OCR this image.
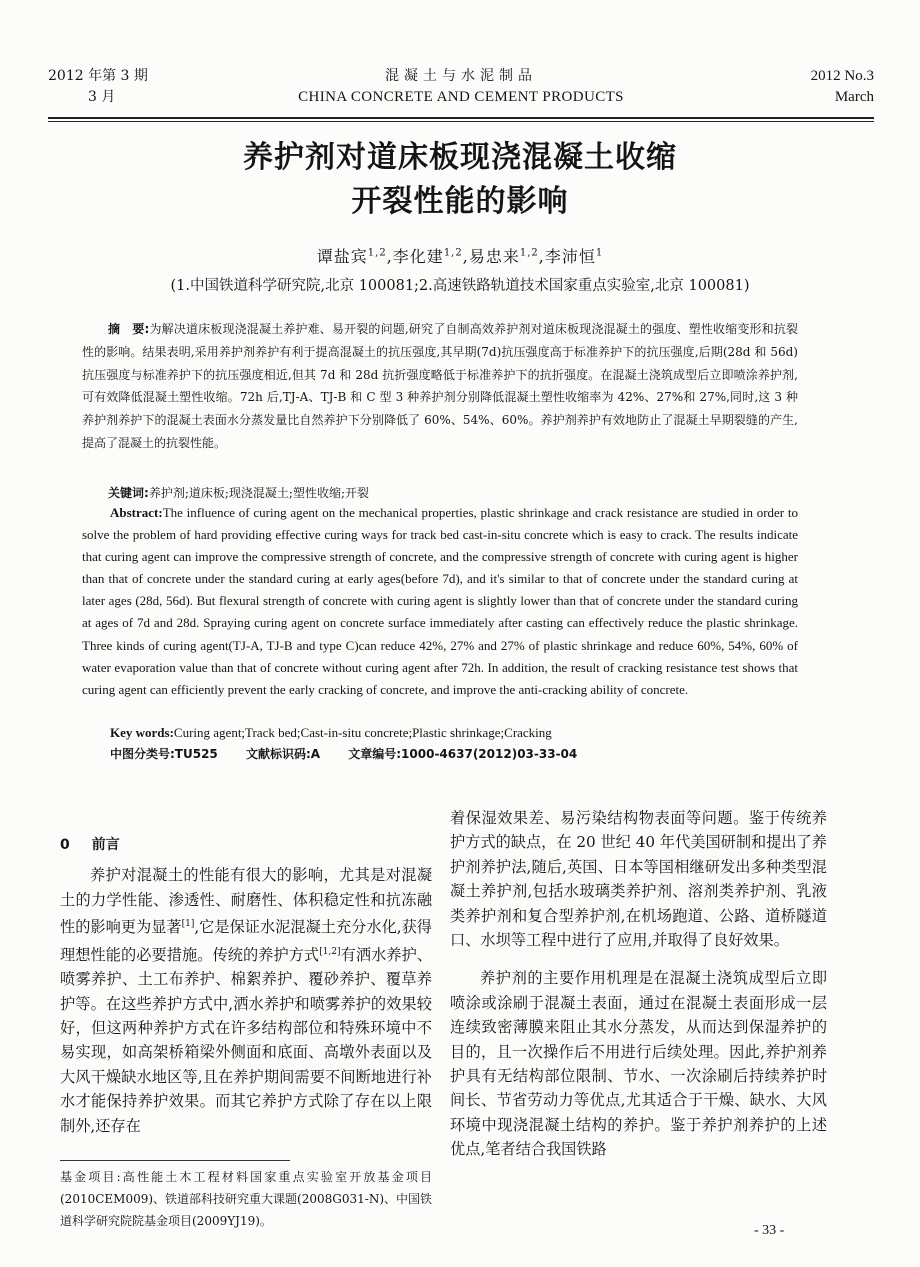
2012 年第 3 期
3 月
混凝土与水泥制品
CHINA CONCRETE AND CEMENT PRODUCTS
2012 No.3
March
养护剂对道床板现浇混凝土收缩
开裂性能的影响
谭盐宾$^{1,2}$,李化建$^{1,2}$,易忠来$^{1,2}$,李沛恒$^1$
(1.中国铁道科学研究院,北京 100081;2.高速铁路轨道技术国家重点实验室,北京 100081)
摘　要:为解决道床板现浇混凝土养护难、易开裂的问题,研究了自制高效养护剂对道床板现浇混凝土的强度、塑性收缩变形和抗裂性的影响。结果表明,采用养护剂养护有利于提高混凝土的抗压强度,其早期(7d)抗压强度高于标准养护下的抗压强度,后期(28d 和 56d)抗压强度与标准养护下的抗压强度相近,但其 7d 和 28d 抗折强度略低于标准养护下的抗折强度。在混凝土浇筑成型后立即喷涂养护剂,可有效降低混凝土塑性收缩。72h 后,TJ-A、TJ-B 和 C 型 3 种养护剂分别降低混凝土塑性收缩率为 42%、27%和 27%,同时,这 3 种养护剂养护下的混凝土表面水分蒸发量比自然养护下分别降低了 60%、54%、60%。养护剂养护有效地防止了混凝土早期裂缝的产生,提高了混凝土的抗裂性能。
关键词:养护剂;道床板;现浇混凝土;塑性收缩;开裂
Abstract:The influence of curing agent on the mechanical properties, plastic shrinkage and crack resistance are studied in order to solve the problem of hard providing effective curing ways for track bed cast-in-situ concrete which is easy to crack. The results indicate that curing agent can improve the compressive strength of concrete, and the compressive strength of concrete with curing agent is higher than that of concrete under the standard curing at early ages(before 7d), and it's similar to that of concrete under the standard curing at later ages (28d, 56d). But flexural strength of concrete with curing agent is slightly lower than that of concrete under the standard curing at ages of 7d and 28d. Spraying curing agent on concrete surface immediately after casting can effectively reduce the plastic shrinkage. Three kinds of curing agent(TJ-A, TJ-B and type C)can reduce 42%, 27% and 27% of plastic shrinkage and reduce 60%, 54%, 60% of water evaporation value than that of concrete without curing agent after 72h. In addition, the result of cracking resistance test shows that curing agent can efficiently prevent the early cracking of concrete, and improve the anti-cracking ability of concrete.
Key words:Curing agent;Track bed;Cast-in-situ concrete;Plastic shrinkage;Cracking
中图分类号:TU525 文献标识码:A 文章编号:1000-4637(2012)03-33-04
0 前言

养护对混凝土的性能有很大的影响，尤其是对混凝土的力学性能、渗透性、耐磨性、体积稳定性和抗冻融性的影响更为显著[1],它是保证水泥混凝土充分水化,获得理想性能的必要措施。传统的养护方式[1,2]有洒水养护、喷雾养护、土工布养护、棉絮养护、覆砂养护、覆草养护等。在这些养护方式中,洒水养护和喷雾养护的效果较好，但这两种养护方式在许多结构部位和特殊环境中不易实现，如高架桥箱梁外侧面和底面、高墩外表面以及大风干燥缺水地区等,且在养护期间需要不间断地进行补水才能保持养护效果。而其它养护方式除了存在以上限制外,还存在

基金项目:高性能土木工程材料国家重点实验室开放基金项目(2010CEM009)、铁道部科技研究重大课题(2008G031-N)、中国铁道科学研究院院基金项目(2009YJ19)。

着保湿效果差、易污染结构物表面等问题。鉴于传统养护方式的缺点，在 20 世纪 40 年代美国研制和提出了养护剂养护法,随后,英国、日本等国相继研发出多种类型混凝土养护剂,包括水玻璃类养护剂、溶剂类养护剂、乳液类养护剂和复合型养护剂,在机场跑道、公路、道桥隧道口、水坝等工程中进行了应用,并取得了良好效果。

养护剂的主要作用机理是在混凝土浇筑成型后立即喷涂或涂刷于混凝土表面，通过在混凝土表面形成一层连续致密薄膜来阻止其水分蒸发，从而达到保湿养护的目的，且一次操作后不用进行后续处理。因此,养护剂养护具有无结构部位限制、节水、一次涂刷后持续养护时间长、节省劳动力等优点,尤其适合于干燥、缺水、大风环境中现浇混凝土结构的养护。鉴于养护剂养护的上述优点,笔者结合我国铁路

- 33 -
